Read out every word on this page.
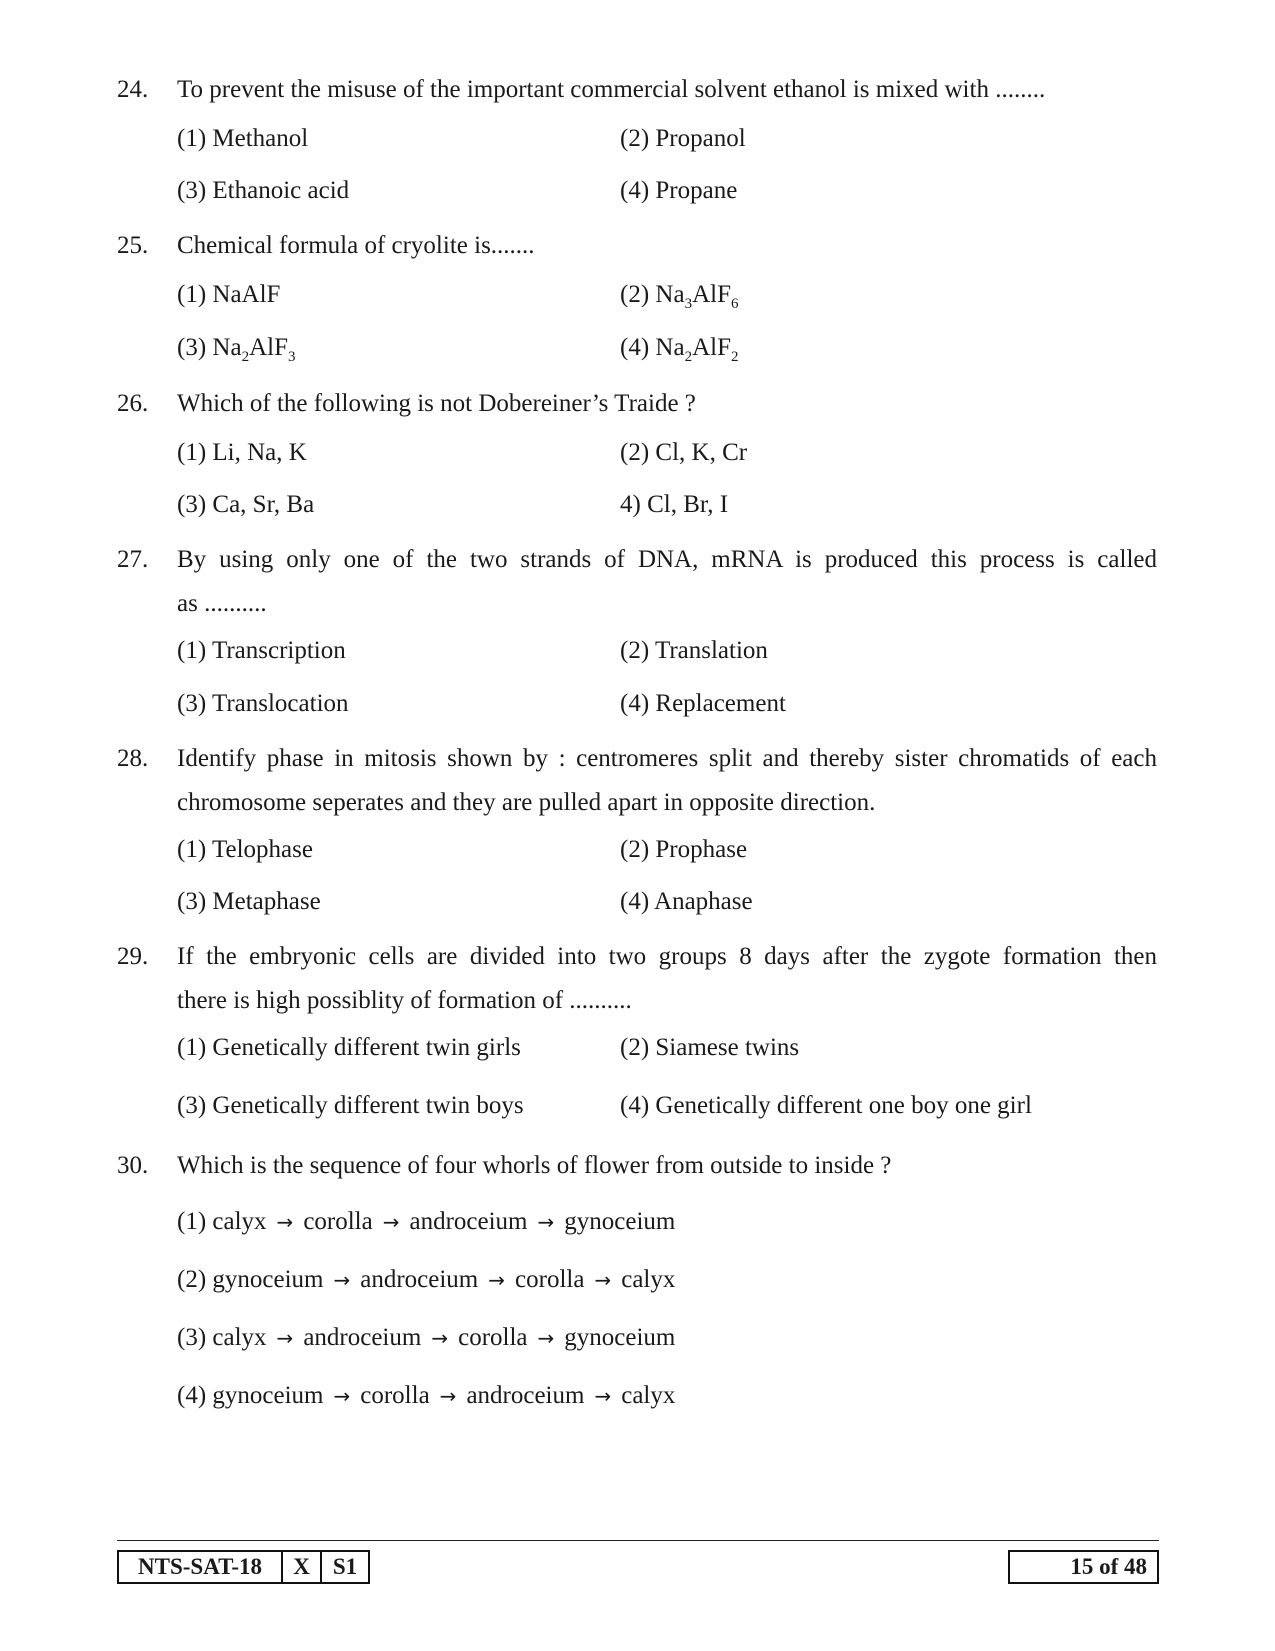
24. To prevent the misuse of the important commercial solvent ethanol is mixed with ........
(1) Methanol	(2) Propanol
(3) Ethanoic acid	(4) Propane
25. Chemical formula of cryolite is.......
(1) NaAlF	(2) $Na_3AlF_6$
(3) $Na_2AlF_3$	(4) $Na_2AlF_2$
26. Which of the following is not Dobereiner’s Traide ?
(1) Li, Na, K	(2) Cl, K, Cr
(3) Ca, Sr, Ba	4) Cl, Br, I
27. By using only one of the two strands of DNA, mRNA is produced this process is called
as ..........
(1) Transcription	(2) Translation
(3) Translocation	(4) Replacement
28. Identify phase in mitosis shown by : centromeres split and thereby sister chromatids of each
chromosome seperates and they are pulled apart in opposite direction.
(1) Telophase	(2) Prophase
(3) Metaphase	(4) Anaphase
29. If the embryonic cells are divided into two groups 8 days after the zygote formation then
there is high possiblity of formation of ..........
(1) Genetically different twin girls	(2) Siamese twins
(3) Genetically different twin boys	(4) Genetically different one boy one girl
30. Which is the sequence of four whorls of flower from outside to inside ?
(1) calyx → corolla → androceium → gynoceium
(2) gynoceium → androceium → corolla → calyx
(3) calyx → androceium → corolla → gynoceium
(4) gynoceium → corolla → androceium → calyx
NTS-SAT-18	X	S1	15 of 48
